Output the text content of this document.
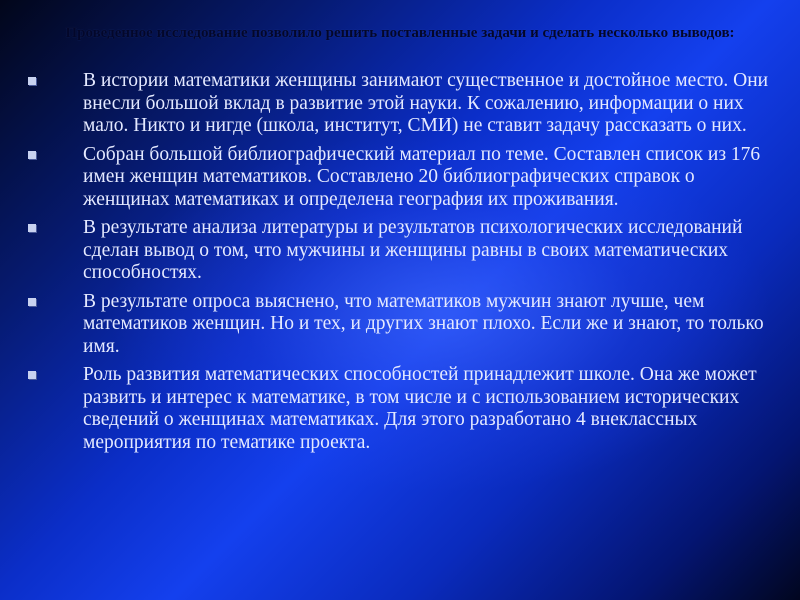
Проведенное исследование позволило решить поставленные задачи и сделать несколько выводов:
В истории математики женщины занимают существенное и достойное место. Они внесли большой вклад в развитие этой науки. К сожалению, информации о них мало. Никто и нигде (школа, институт, СМИ) не ставит задачу рассказать о них.
Собран большой библиографический материал по теме. Составлен список из 176 имен женщин математиков. Составлено 20 библиографических справок о женщинах математиках и определена география их проживания.
В результате анализа литературы и результатов психологических исследований сделан вывод о том, что мужчины и женщины равны в своих математических способностях.
В результате опроса выяснено, что математиков мужчин знают лучше, чем математиков женщин. Но и тех, и других знают плохо. Если же и знают, то только имя.
Роль развития математических способностей принадлежит школе. Она же может развить и интерес к математике, в том числе и с использованием исторических сведений о женщинах математиках. Для этого разработано 4 внеклассных мероприятия по тематике проекта.
